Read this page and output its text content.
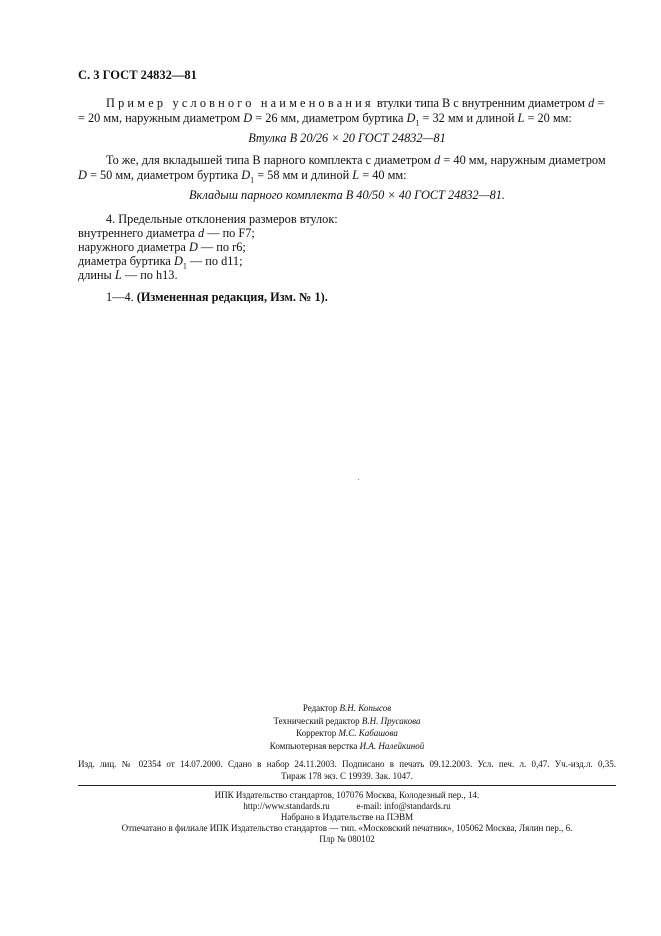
С. 3 ГОСТ 24832—81
Пример условного наименования втулки типа В с внутренним диаметром d =
= 20 мм, наружным диаметром D = 26 мм, диаметром буртика $D_1 = 32$ мм и длиной L = 20 мм:
Втулка В 20/26 × 20 ГОСТ 24832—81
То же, для вкладышей типа В парного комплекта с диаметром d = 40 мм, наружным диаметром
D = 50 мм, диаметром буртика $D_1 = 58$ мм и длиной L = 40 мм:
Вкладыш парного комплекта В 40/50 × 40 ГОСТ 24832—81.
4. Предельные отклонения размеров втулок:
внутреннего диаметра d — по F7;
наружного диаметра D — по r6;
диаметра буртика $D_1$ — по d11;
длины L — по h13.
1—4. (Измененная редакция, Изм. № 1).
Редактор В.Н. Копысов
Технический редактор В.Н. Прусакова
Корректор М.С. Кабашова
Компьютерная верстка И.А. Налейкиной
Изд. лиц. № 02354 от 14.07.2000. Сдано в набор 24.11.2003. Подписано в печать 09.12.2003. Усл. печ. л. 0,47. Уч.-изд.л. 0,35.
Тираж 178 экз. С 19939. Зак. 1047.
ИПК Издательство стандартов, 107076 Москва, Колодезный пер., 14.
http://www.standards.ru	e-mail: info@standards.ru
Набрано в Издательстве на ПЭВМ
Отпечатано в филиале ИПК Издательство стандартов — тип. «Московский печатник», 105062 Москва, Лялин пер., 6.
Плр № 080102
